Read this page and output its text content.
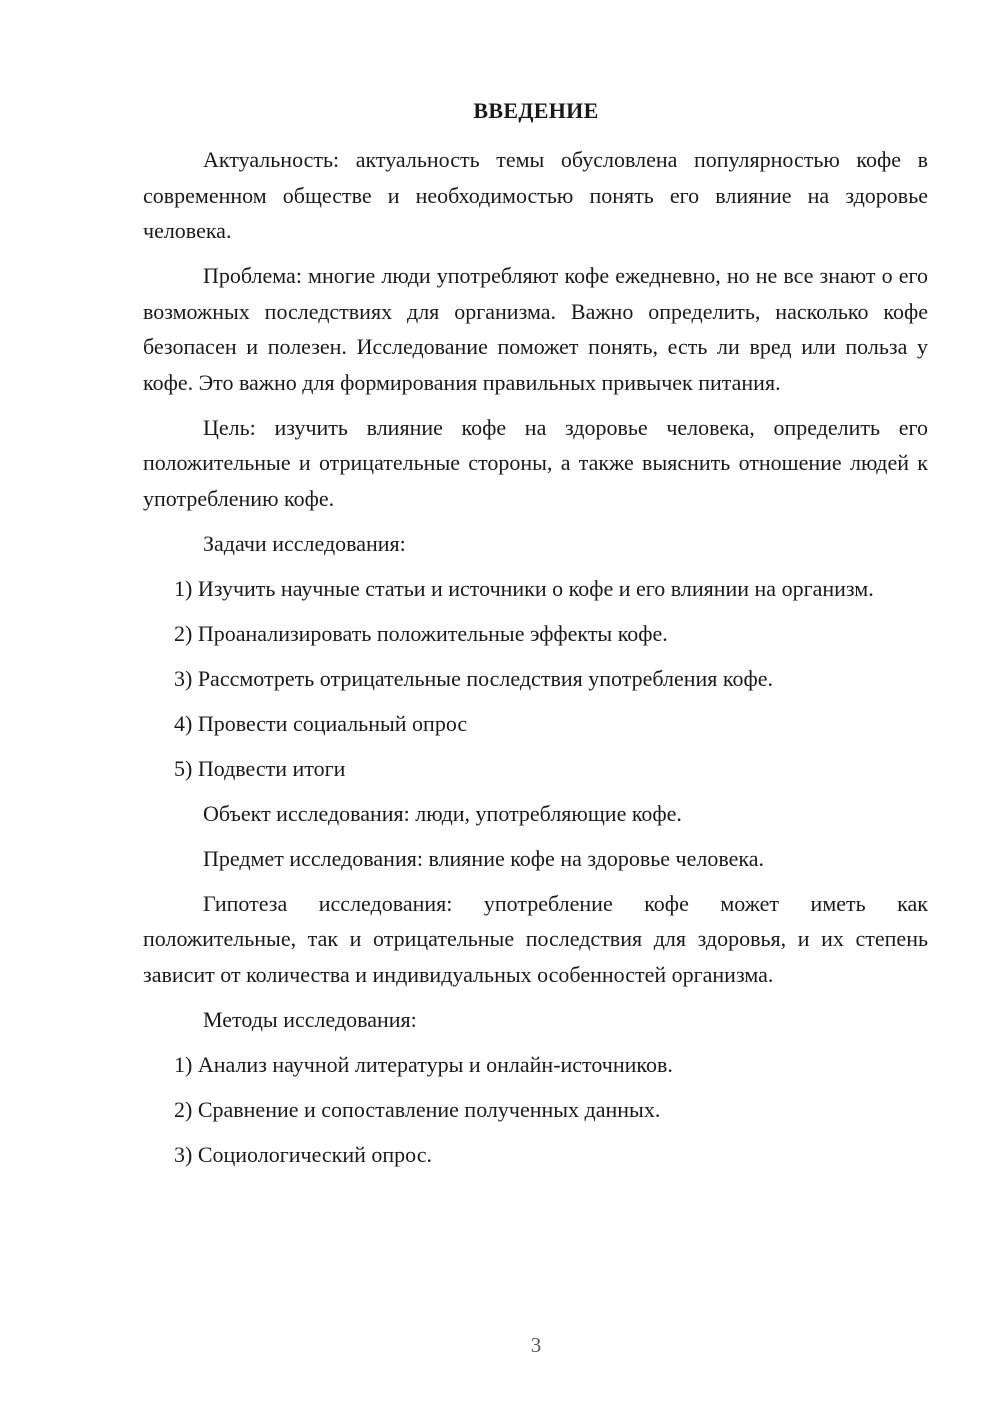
ВВЕДЕНИЕ

Актуальность: актуальность темы обусловлена популярностью кофе в современном обществе и необходимостью понять его влияние на здоровье человека.

Проблема: многие люди употребляют кофе ежедневно, но не все знают о его возможных последствиях для организма. Важно определить, насколько кофе безопасен и полезен. Исследование поможет понять, есть ли вред или польза у кофе. Это важно для формирования правильных привычек питания.

Цель: изучить влияние кофе на здоровье человека, определить его положительные и отрицательные стороны, а также выяснить отношение людей к употреблению кофе.

Задачи исследования:

1) Изучить научные статьи и источники о кофе и его влиянии на организм.

2) Проанализировать положительные эффекты кофе.

3) Рассмотреть отрицательные последствия употребления кофе.

4) Провести социальный опрос

5) Подвести итоги

Объект исследования: люди, употребляющие кофе.

Предмет исследования: влияние кофе на здоровье человека.

Гипотеза исследования: употребление кофе может иметь как положительные, так и отрицательные последствия для здоровья, и их степень зависит от количества и индивидуальных особенностей организма.

Методы исследования:

1) Анализ научной литературы и онлайн-источников.

2) Сравнение и сопоставление полученных данных.

3) Социологический опрос.

3
